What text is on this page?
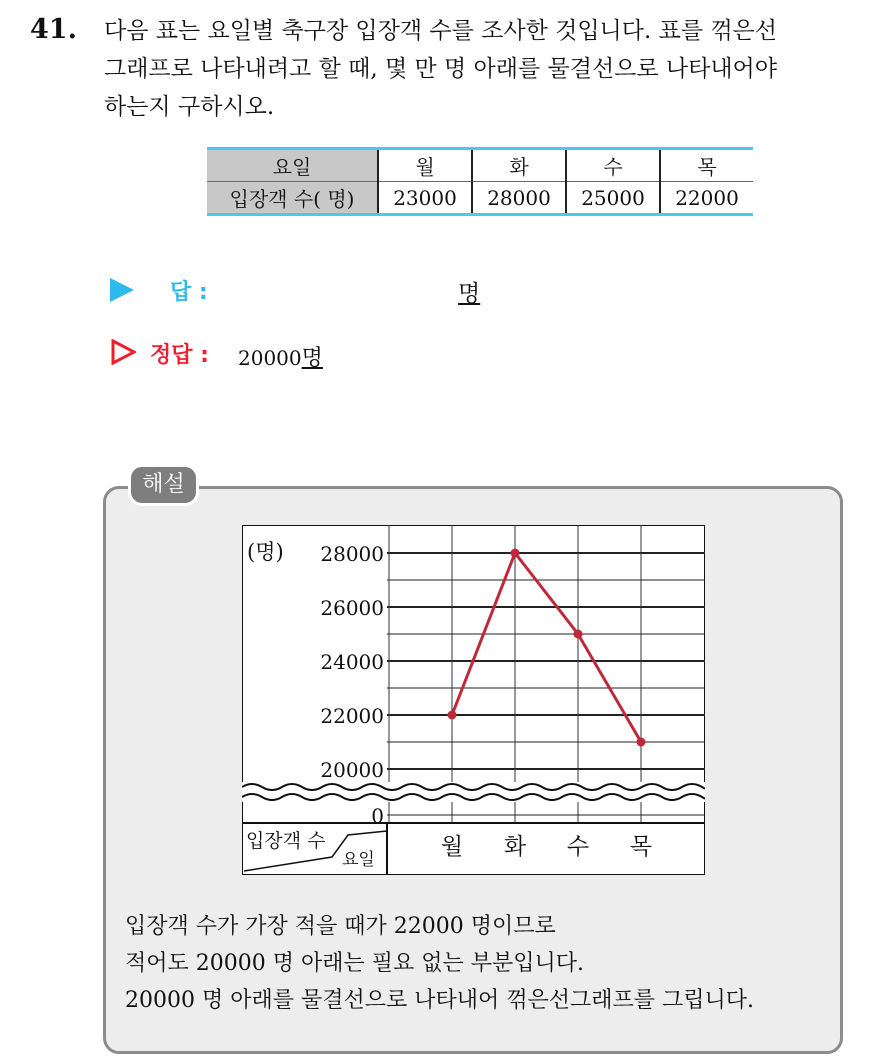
41. 다음 표는 요일별 축구장 입장객 수를 조사한 것입니다. 표를 꺾은선
그래프로 나타내려고 할 때, 몇 만 명 아래를 물결선으로 나타내어야
하는지 구하시오.
요일	월	화	수	목
입장객 수( 명)	23000	28000	25000	22000
답 :	명
정답 : 20000명
해설
(명) 28000
26000
24000
22000
20000
0
월 화 수 목
입장객 수
요일
입장객 수가 가장 적을 때가 22000 명이므로
적어도 20000 명 아래는 필요 없는 부분입니다.
20000 명 아래를 물결선으로 나타내어 꺾은선그래프를 그립니다.
